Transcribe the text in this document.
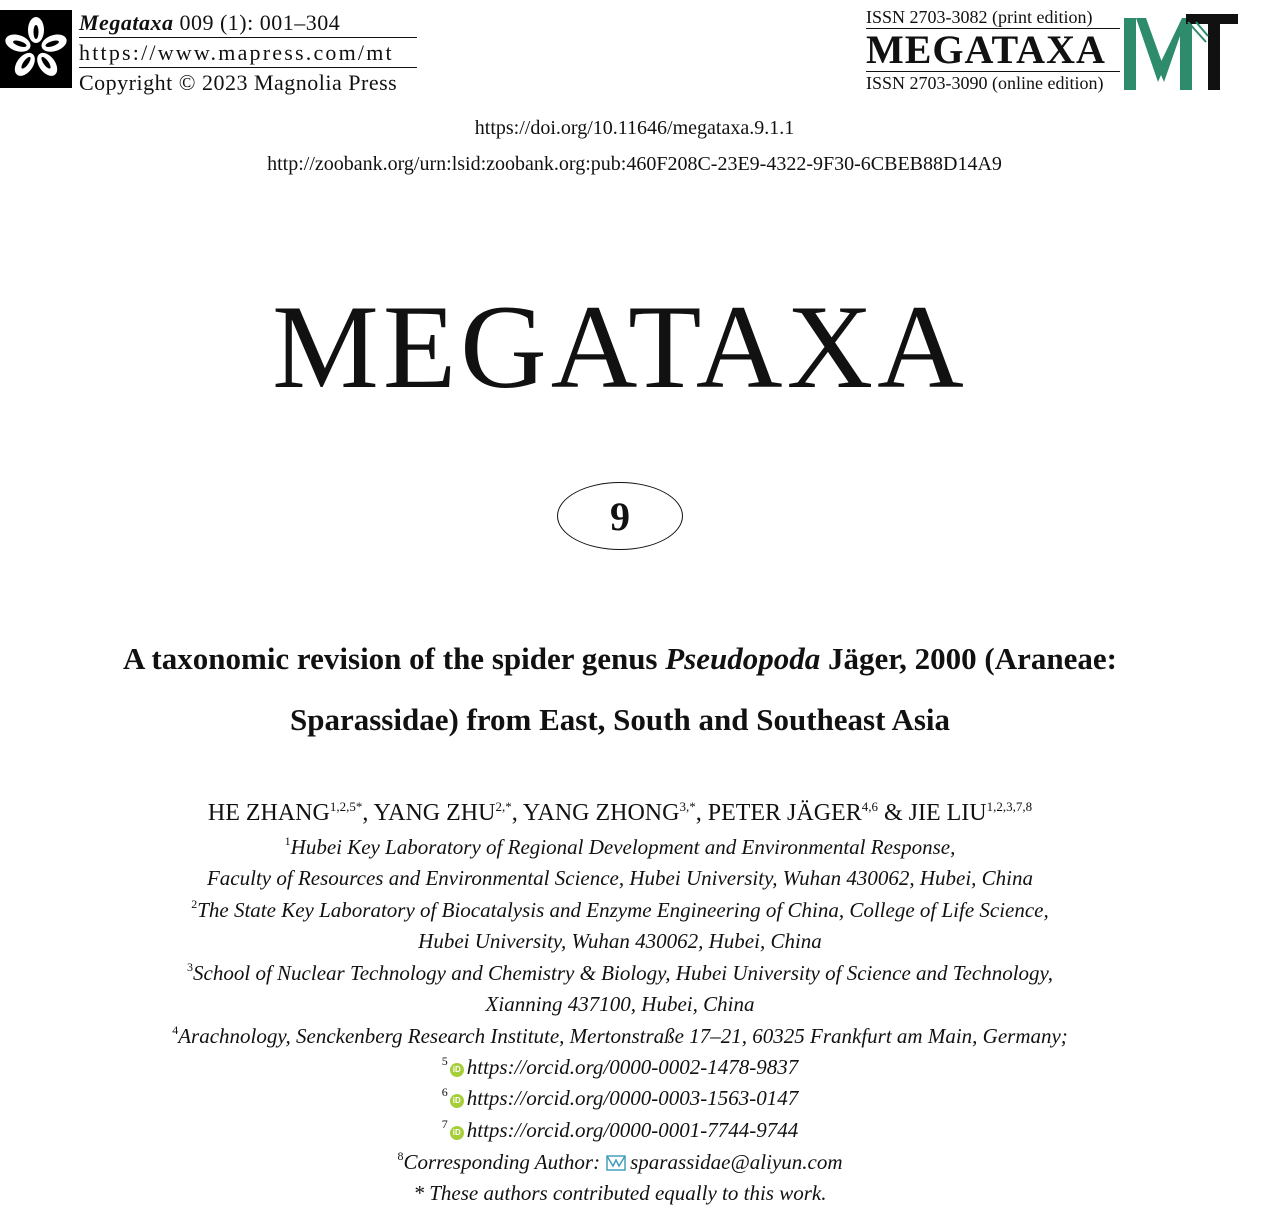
Megataxa 009 (1): 001–304
https://www.mapress.com/mt
Copyright © 2023 Magnolia Press
ISSN 2703-3082 (print edition)
MEGATAXA
ISSN 2703-3090 (online edition)
https://doi.org/10.11646/megataxa.9.1.1
http://zoobank.org/urn:lsid:zoobank.org:pub:460F208C-23E9-4322-9F30-6CBEB88D14A9
MEGATAXA
9
A taxonomic revision of the spider genus Pseudopoda Jäger, 2000 (Araneae:
Sparassidae) from East, South and Southeast Asia
HE $ZHANG^{1,2,5*}$, YANG $ZHU^{2,*}$, YANG $ZHONG^{3,*}$, PETER JÄGER$^{4,6}$ & JIE LIU$^{1,2,3,7,8}$
$^1$Hubei Key Laboratory of Regional Development and Environmental Response,
Faculty of Resources and Environmental Science, Hubei University, Wuhan 430062, Hubei, China
$^2$The State Key Laboratory of Biocatalysis and Enzyme Engineering of China, College of Life Science,
Hubei University, Wuhan 430062, Hubei, China
$^3$School of Nuclear Technology and Chemistry & Biology, Hubei University of Science and Technology,
Xianning 437100, Hubei, China
$^4$Arachnology, Senckenberg Research Institute, Mertonstraße 17–21, 60325 Frankfurt am Main, Germany;
$^5$iD https://orcid.org/0000-0002-1478-9837
$^6$iD https://orcid.org/0000-0003-1563-0147
$^7$iD https://orcid.org/0000-0001-7744-9744
$^8$Corresponding Author: sparassidae@aliyun.com
* These authors contributed equally to this work.
